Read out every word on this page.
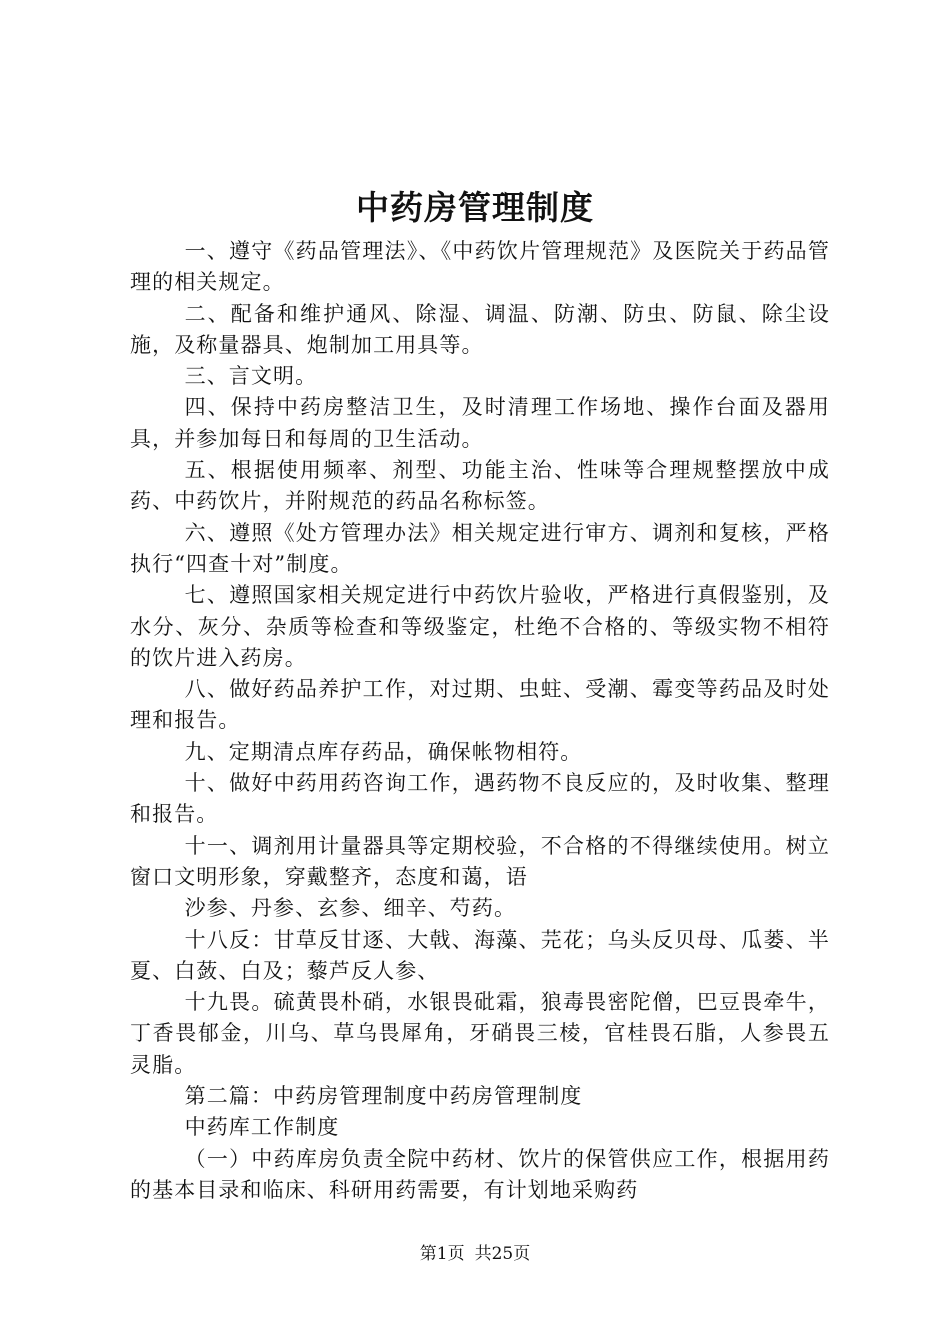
中药房管理制度

一、遵守《药品管理法》、《中药饮片管理规范》及医院关于药品管理的相关规定。

二、配备和维护通风、除湿、调温、防潮、防虫、防鼠、除尘设施，及称量器具、炮制加工用具等。

三、言文明。

四、保持中药房整洁卫生，及时清理工作场地、操作台面及器用具，并参加每日和每周的卫生活动。

五、根据使用频率、剂型、功能主治、性味等合理规整摆放中成药、中药饮片，并附规范的药品名称标签。

六、遵照《处方管理办法》相关规定进行审方、调剂和复核，严格执行“四查十对”制度。

七、遵照国家相关规定进行中药饮片验收，严格进行真假鉴别，及水分、灰分、杂质等检查和等级鉴定，杜绝不合格的、等级实物不相符的饮片进入药房。

八、做好药品养护工作，对过期、虫蛀、受潮、霉变等药品及时处理和报告。

九、定期清点库存药品，确保帐物相符。

十、做好中药用药咨询工作，遇药物不良反应的，及时收集、整理和报告。

十一、调剂用计量器具等定期校验，不合格的不得继续使用。树立窗口文明形象，穿戴整齐，态度和蔼，语

沙参、丹参、玄参、细辛、芍药。

十八反：甘草反甘逐、大戟、海藻、芫花；乌头反贝母、瓜蒌、半夏、白蔹、白及；藜芦反人参、

十九畏。硫黄畏朴硝，水银畏砒霜，狼毒畏密陀僧，巴豆畏牵牛，丁香畏郁金，川乌、草乌畏犀角，牙硝畏三棱，官桂畏石脂，人参畏五灵脂。

第二篇：中药房管理制度中药房管理制度

中药库工作制度

（一）中药库房负责全院中药材、饮片的保管供应工作，根据用药的基本目录和临床、科研用药需要，有计划地采购药

第1页 共25页
